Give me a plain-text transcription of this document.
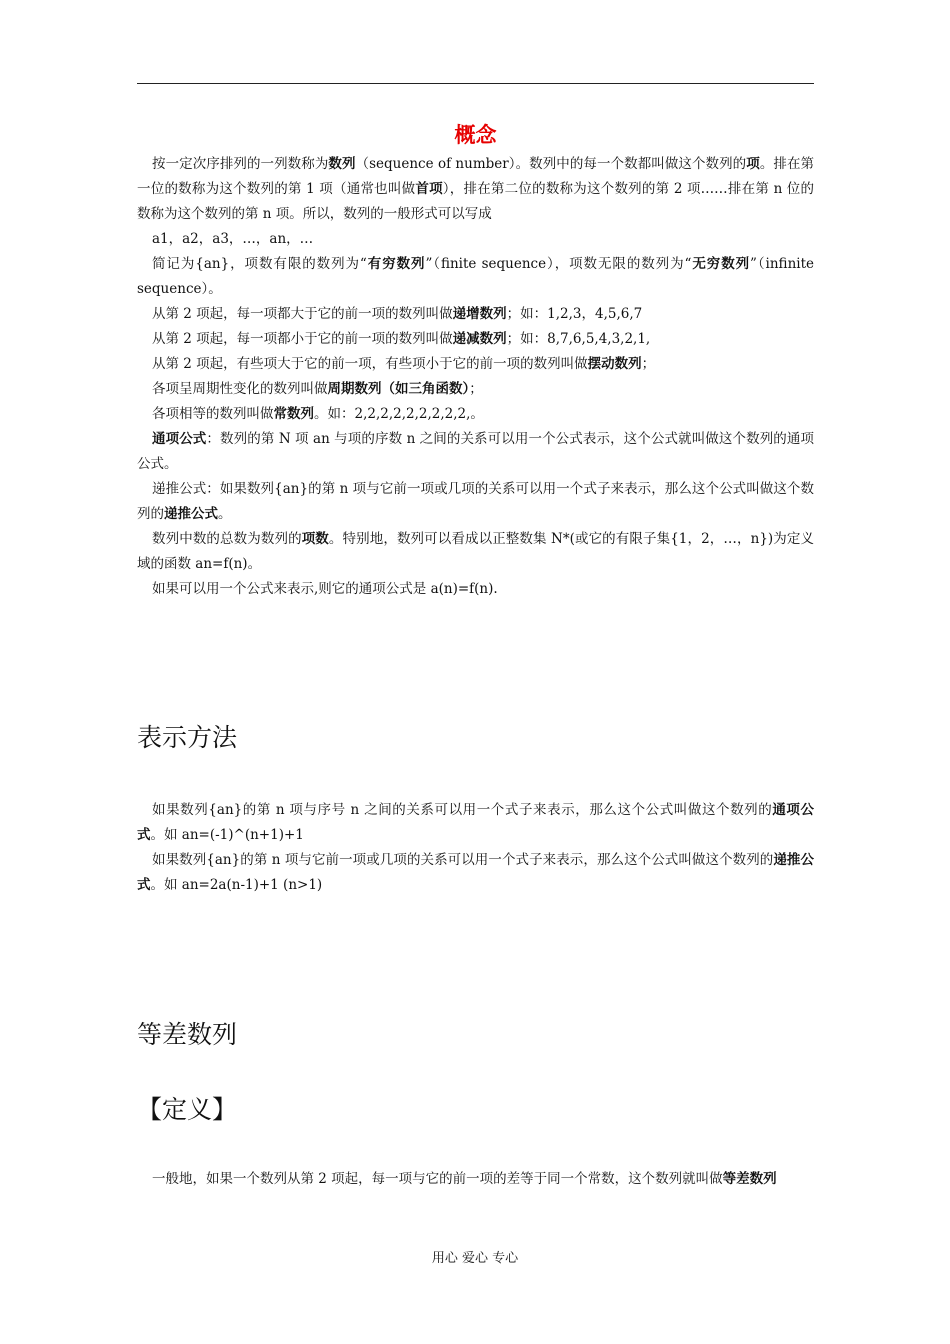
概念

按一定次序排列的一列数称为数列（sequence of number）。数列中的每一个数都叫做这个数列的项。排在第一位的数称为这个数列的第 1 项（通常也叫做首项），排在第二位的数称为这个数列的第 2 项……排在第 n 位的数称为这个数列的第 n 项。所以，数列的一般形式可以写成

a1，a2，a3，…，an，…

简记为{an}，项数有限的数列为“有穷数列”（finite sequence），项数无限的数列为“无穷数列”（infinite sequence）。

从第 2 项起，每一项都大于它的前一项的数列叫做递增数列；如：1,2,3，4,5,6,7

从第 2 项起，每一项都小于它的前一项的数列叫做递减数列；如：8,7,6,5,4,3,2,1,

从第 2 项起，有些项大于它的前一项，有些项小于它的前一项的数列叫做摆动数列；

各项呈周期性变化的数列叫做周期数列（如三角函数）；

各项相等的数列叫做常数列。如：2,2,2,2,2,2,2,2,2,。

通项公式：数列的第 N 项 an 与项的序数 n 之间的关系可以用一个公式表示，这个公式就叫做这个数列的通项公式。

递推公式：如果数列{an}的第 n 项与它前一项或几项的关系可以用一个式子来表示，那么这个公式叫做这个数列的递推公式。

数列中数的总数为数列的项数。特别地，数列可以看成以正整数集 N*(或它的有限子集{1，2，…，n})为定义域的函数 an=f(n)。

如果可以用一个公式来表示,则它的通项公式是 a(n)=f(n).

表示方法

如果数列{an}的第 n 项与序号 n 之间的关系可以用一个式子来表示，那么这个公式叫做这个数列的通项公式。如 an=(-1)^(n+1)+1

如果数列{an}的第 n 项与它前一项或几项的关系可以用一个式子来表示，那么这个公式叫做这个数列的递推公式。如 an=2a(n-1)+1 (n>1)

等差数列
【定义】

一般地，如果一个数列从第 2 项起，每一项与它的前一项的差等于同一个常数，这个数列就叫做等差数列

用心 爱心 专心
